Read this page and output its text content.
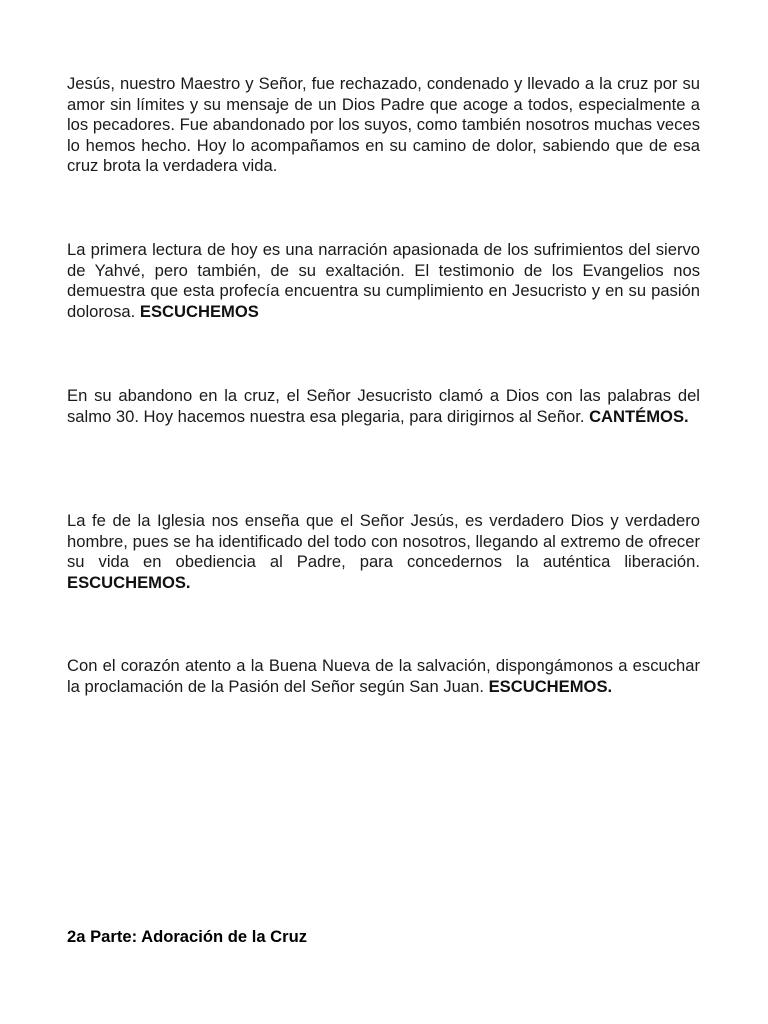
Jesús, nuestro Maestro y Señor, fue rechazado, condenado y llevado a la cruz por su amor sin límites y su mensaje de un Dios Padre que acoge a todos, especialmente a los pecadores. Fue abandonado por los suyos, como también nosotros muchas veces lo hemos hecho. Hoy lo acompañamos en su camino de dolor, sabiendo que de esa cruz brota la verdadera vida.

La primera lectura de hoy es una narración apasionada de los sufrimientos del siervo de Yahvé, pero también, de su exaltación. El testimonio de los Evangelios nos demuestra que esta profecía encuentra su cumplimiento en Jesucristo y en su pasión dolorosa. ESCUCHEMOS

En su abandono en la cruz, el Señor Jesucristo clamó a Dios con las palabras del salmo 30. Hoy hacemos nuestra esa plegaria, para dirigirnos al Señor. CANTÉMOS.

La fe de la Iglesia nos enseña que el Señor Jesús, es verdadero Dios y verdadero hombre, pues se ha identificado del todo con nosotros, llegando al extremo de ofrecer su vida en obediencia al Padre, para concedernos la auténtica liberación. ESCUCHEMOS.

Con el corazón atento a la Buena Nueva de la salvación, dispongámonos a escuchar la proclamación de la Pasión del Señor según San Juan. ESCUCHEMOS.

2a Parte: Adoración de la Cruz
